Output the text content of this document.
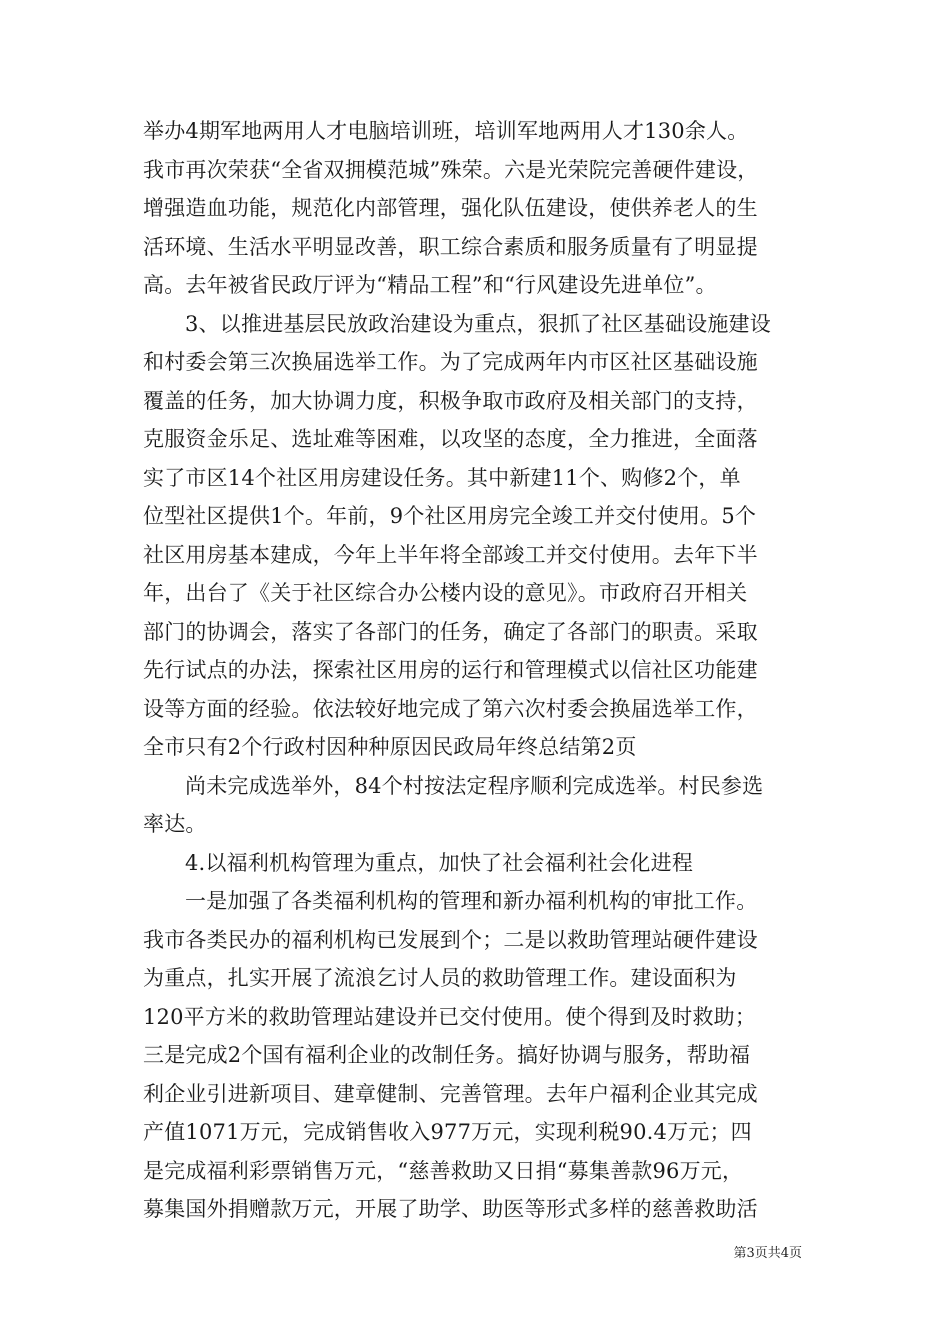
举办4期军地两用人才电脑培训班，培训军地两用人才130余人。
我市再次荣获“全省双拥模范城”殊荣。六是光荣院完善硬件建设，
增强造血功能，规范化内部管理，强化队伍建设，使供养老人的生
活环境、生活水平明显改善，职工综合素质和服务质量有了明显提
高。去年被省民政厅评为“精品工程”和“行风建设先进单位”。
3、以推进基层民放政治建设为重点，狠抓了社区基础设施建设
和村委会第三次换届选举工作。为了完成两年内市区社区基础设施
覆盖的任务，加大协调力度，积极争取市政府及相关部门的支持，
克服资金乐足、选址难等困难，以攻坚的态度，全力推进，全面落
实了市区14个社区用房建设任务。其中新建11个、购修2个，单
位型社区提供1个。年前，9个社区用房完全竣工并交付使用。5个
社区用房基本建成，今年上半年将全部竣工并交付使用。去年下半
年，出台了《关于社区综合办公楼内设的意见》。市政府召开相关
部门的协调会，落实了各部门的任务，确定了各部门的职责。采取
先行试点的办法，探索社区用房的运行和管理模式以信社区功能建
设等方面的经验。依法较好地完成了第六次村委会换届选举工作，
全市只有2个行政村因种种原因民政局年终总结第2页
尚未完成选举外，84个村按法定程序顺利完成选举。村民参选
率达。
4.以福利机构管理为重点，加快了社会福利社会化进程
一是加强了各类福利机构的管理和新办福利机构的审批工作。
我市各类民办的福利机构已发展到个；二是以救助管理站硬件建设
为重点，扎实开展了流浪乞讨人员的救助管理工作。建设面积为
120平方米的救助管理站建设并已交付使用。使个得到及时救助；
三是完成2个国有福利企业的改制任务。搞好协调与服务，帮助福
利企业引进新项目、建章健制、完善管理。去年户福利企业其完成
产值1071万元，完成销售收入977万元，实现利税90.4万元；四
是完成福利彩票销售万元，“慈善救助又日捐“募集善款96万元，
募集国外捐赠款万元，开展了助学、助医等形式多样的慈善救助活
第3页共4页
